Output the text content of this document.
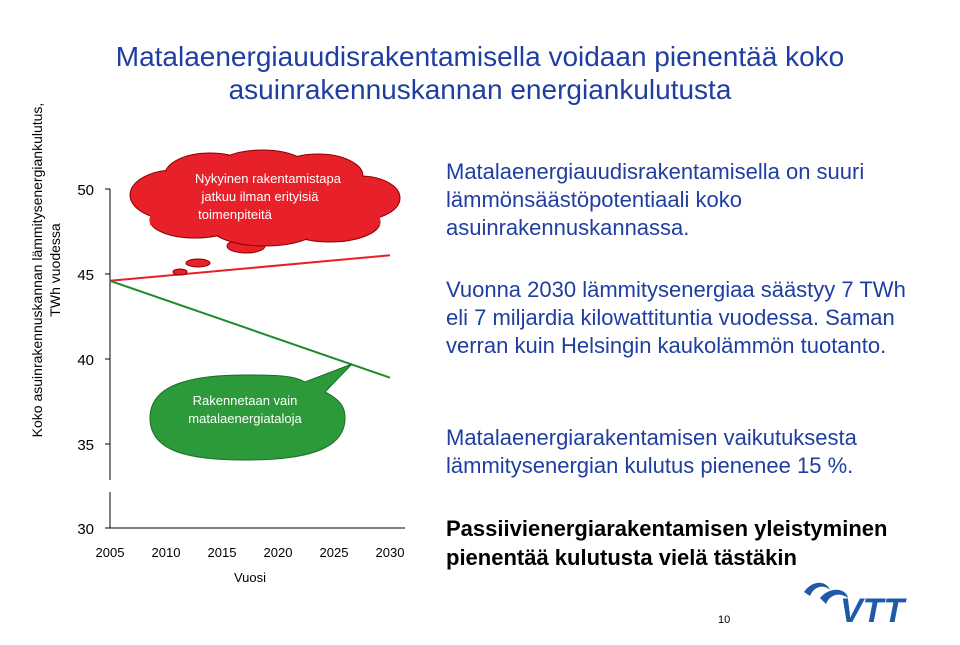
Matalaenergiauudisrakentamisella voidaan pienentää koko
asuinrakennuskannan energiankulutusta
Koko asuinrakennuskannan lämmitysenergiankulutus, TWh vuodessa
30
35
40
45
50
2005 2010 2015 2020 2025 2030
Vuosi
Nykyinen rakentamistapa
jatkuu ilman erityisiä
toimenpiteitä
Rakennetaan vain
matalaenergiataloja
Matalaenergiauudisrakentamisella on suuri lämmönsäästöpotentiaali koko asuinrakennuskannassa.
Vuonna 2030 lämmitysenergiaa säästyy 7 TWh eli 7 miljardia kilowattituntia vuodessa. Saman verran kuin Helsingin kaukolämmön tuotanto.
Matalaenergiarakentamisen vaikutuksesta lämmitysenergian kulutus pienenee 15 %.
Passiivienergiarakentamisen yleistyminen pienentää kulutusta vielä tästäkin
10	VTT
